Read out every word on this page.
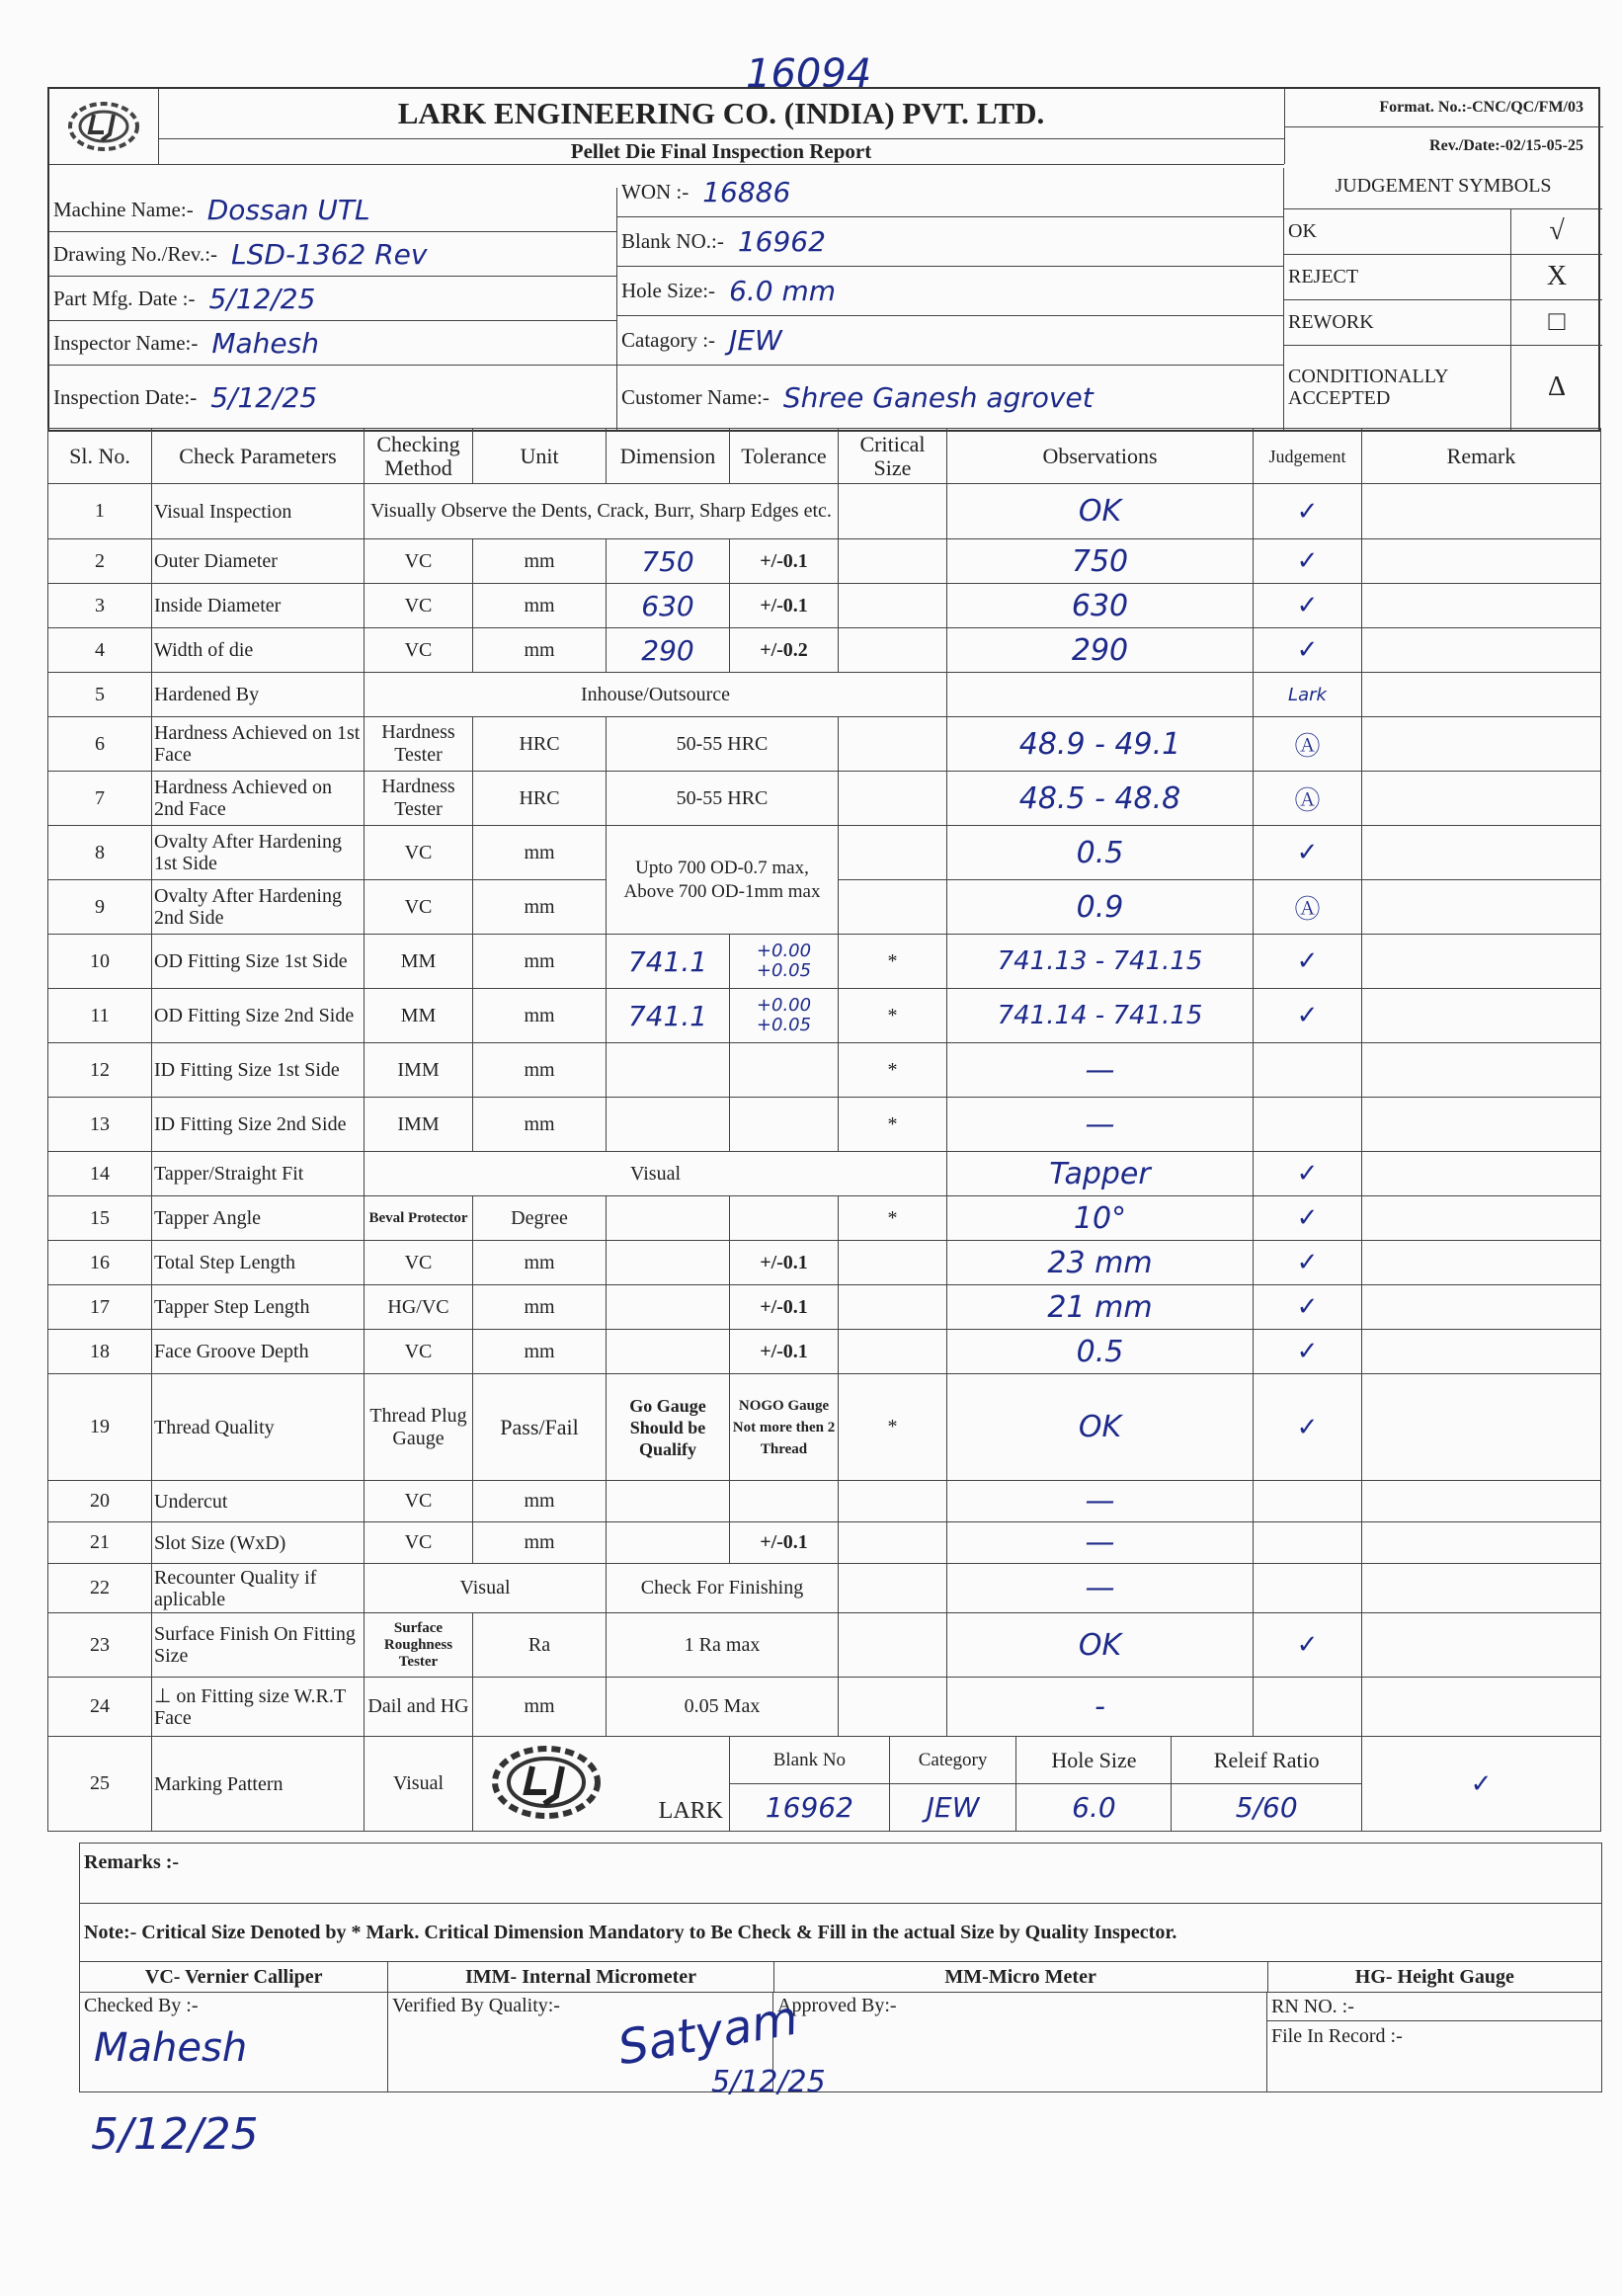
16094
LARK ENGINEERING CO. (INDIA) PVT. LTD.
Pellet Die Final Inspection Report
Format. No.:-CNC/QC/FM/03
Rev./Date:-02/15-05-25
Machine Name:- Dossan UTL
Drawing No./Rev.:- LSD-1362 Rev
Part Mfg. Date :- 5/12/25
Inspector Name:- Mahesh
Inspection Date:- 5/12/25
WON :- 16886
Blank NO.:- 16962
Hole Size:- 6.0 mm
Catagory :- JEW
Customer Name:- Shree Ganesh agrovet
JUDGEMENT SYMBOLS
OK	√
REJECT	X
REWORK	□
CONDITIONALLY ACCEPTED	Δ
Sl. No.	Check Parameters	Checking Method	Unit	Dimension	Tolerance	Critical Size	Observations	Judgement	Remark
1	Visual Inspection	Visually Observe the Dents, Crack, Burr, Sharp Edges etc.		OK	✓	
2	Outer Diameter	VC	mm	750	+/-0.1		750	✓	
3	Inside Diameter	VC	mm	630	+/-0.1		630	✓	
4	Width of die	VC	mm	290	+/-0.2		290	✓	
5	Hardened By	Inhouse/Outsource		Lark	
6	Hardness Achieved on 1st Face	Hardness Tester	HRC	50-55 HRC		48.9 - 49.1	Ⓐ	
7	Hardness Achieved on 2nd Face	Hardness Tester	HRC	50-55 HRC		48.5 - 48.8	Ⓐ	
8	Ovalty After Hardening 1st Side	VC	mm	Upto 700 OD-0.7 max, Above 700 OD-1mm max		0.5	✓	
9	Ovalty After Hardening 2nd Side	VC	mm		0.9	Ⓐ	
10	OD Fitting Size 1st Side	MM	mm	741.1	+0.00
+0.05	*	741.13 - 741.15	✓	
11	OD Fitting Size 2nd Side	MM	mm	741.1	+0.00
+0.05	*	741.14 - 741.15	✓	
12	ID Fitting Size 1st Side	IMM	mm			*	—		
13	ID Fitting Size 2nd Side	IMM	mm			*	—		
14	Tapper/Straight Fit	Visual	Tapper	✓	
15	Tapper Angle	Beval Protector	Degree			*	10°	✓	
16	Total Step Length	VC	mm		+/-0.1		23 mm	✓	
17	Tapper Step Length	HG/VC	mm		+/-0.1		21 mm	✓	
18	Face Groove Depth	VC	mm		+/-0.1		0.5	✓	
19	Thread Quality	Thread Plug Gauge	Pass/Fail	Go Gauge Should be Qualify	NOGO Gauge Not more then 2 Thread	*	OK	✓	
20	Undercut	VC	mm				—		
21	Slot Size (WxD)	VC	mm		+/-0.1		—		
22	Recounter Quality if aplicable	Visual	Check For Finishing		—		
23	Surface Finish On Fitting Size	Surface Roughness Tester	Ra	1 Ra max		OK	✓	
24	⊥ on Fitting size W.R.T Face	Dail and HG	mm	0.05 Max		-		
25	Marking Pattern	Visual	
LARK

Blank No	Category	Hole Size	Releif Ratio
16962	JEW	6.0	5/60
	✓	
Remarks :-
Note:- Critical Size Denoted by * Mark. Critical Dimension Mandatory to Be Check & Fill in the actual Size by Quality Inspector.
VC- Vernier Calliper	IMM- Internal Micrometer	MM-Micro Meter	HG- Height Gauge
Checked By :-	Verified By Quality:-	Approved By:-	RN NO. :-
File In Record :-
Mahesh
5/12/25
Satyam
5/12/25
